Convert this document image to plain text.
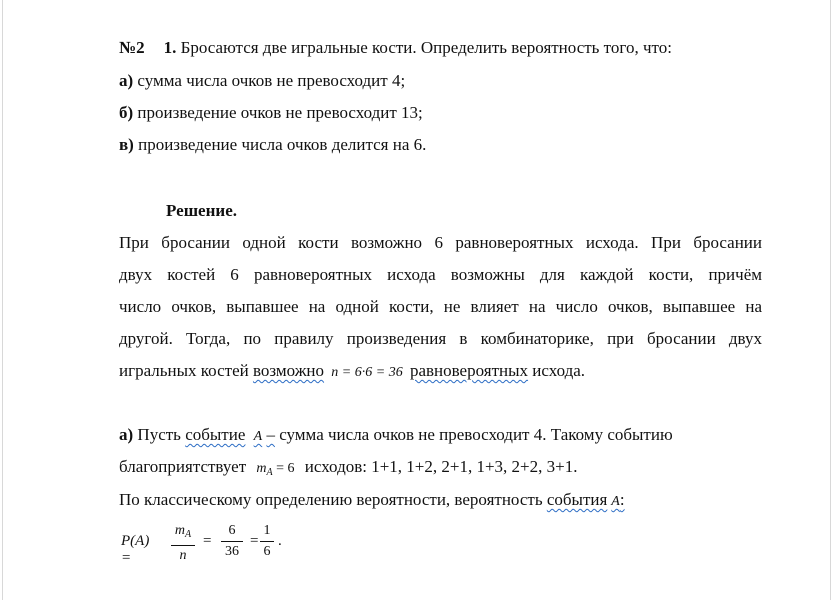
№2 1. Бросаются две игральные кости. Определить вероятность того, что:
а) сумма числа очков не превосходит 4;
б) произведение очков не превосходит 13;
в) произведение числа очков делится на 6.
Решение.
При бросании одной кости возможно 6 равновероятных исхода. При бросании
двух костей 6 равновероятных исхода возможны для каждой кости, причём
число очков, выпавшее на одной кости, не влияет на число очков, выпавшее на
другой. Тогда, по правилу произведения в комбинаторике, при бросании двух
игральных костей возможно n = 6·6 = 36 равновероятных исхода.
а) Пусть событие A – сумма числа очков не превосходит 4. Такому событию
благоприятствует $m_A = 6$ исходов: 1+1, 1+2, 2+1, 1+3, 2+2, 3+1.
По классическому определению вероятности, вероятность события A:
P(A) =
$m_A$
n
=
6
36
=
1
6
.
